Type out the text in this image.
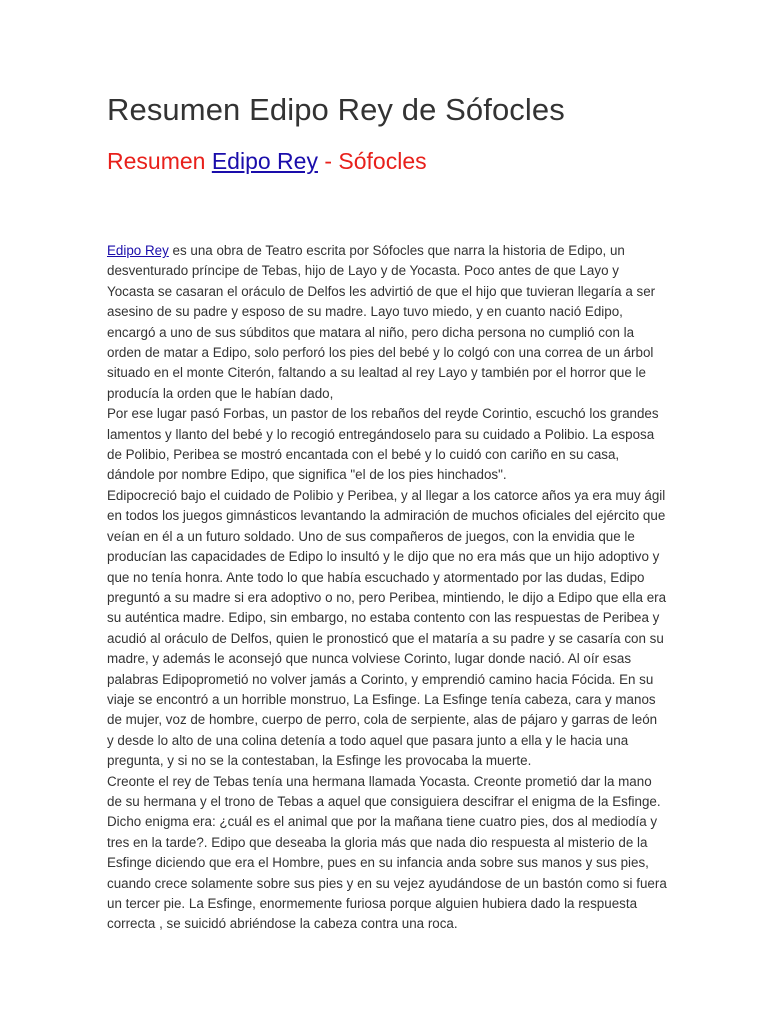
Resumen Edipo Rey de Sófocles
Resumen Edipo Rey - Sófocles

Edipo Rey es una obra de Teatro escrita por Sófocles que narra la historia de Edipo, un desventurado príncipe de Tebas, hijo de Layo y de Yocasta. Poco antes de que Layo y Yocasta se casaran el oráculo de Delfos les advirtió de que el hijo que tuvieran llegaría a ser asesino de su padre y esposo de su madre. Layo tuvo miedo, y en cuanto nació Edipo, encargó a uno de sus súbditos que matara al niño, pero dicha persona no cumplió con la orden de matar a Edipo, solo perforó los pies del bebé y lo colgó con una correa de un árbol situado en el monte Citerón, faltando a su lealtad al rey Layo y también por el horror que le producía la orden que le habían dado,

Por ese lugar pasó Forbas, un pastor de los rebaños del reyde Corintio, escuchó los grandes lamentos y llanto del bebé y lo recogió entregándoselo para su cuidado a Polibio. La esposa de Polibio, Peribea se mostró encantada con el bebé y lo cuidó con cariño en su casa, dándole por nombre Edipo, que significa "el de los pies hinchados".

Edipocreció bajo el cuidado de Polibio y Peribea, y al llegar a los catorce años ya era muy ágil en todos los juegos gimnásticos levantando la admiración de muchos oficiales del ejército que veían en él a un futuro soldado. Uno de sus compañeros de juegos, con la envidia que le producían las capacidades de Edipo lo insultó y le dijo que no era más que un hijo adoptivo y que no tenía honra. Ante todo lo que había escuchado y atormentado por las dudas, Edipo preguntó a su madre si era adoptivo o no, pero Peribea, mintiendo, le dijo a Edipo que ella era su auténtica madre. Edipo, sin embargo, no estaba contento con las respuestas de Peribea y acudió al oráculo de Delfos, quien le pronosticó que el mataría a su padre y se casaría con su madre, y además le aconsejó que nunca volviese Corinto, lugar donde nació. Al oír esas palabras Edipoprometió no volver jamás a Corinto, y emprendió camino hacia Fócida. En su viaje se encontró a un horrible monstruo, La Esfinge. La Esfinge tenía cabeza, cara y manos de mujer, voz de hombre, cuerpo de perro, cola de serpiente, alas de pájaro y garras de león y desde lo alto de una colina detenía a todo aquel que pasara junto a ella y le hacia una pregunta, y si no se la contestaban, la Esfinge les provocaba la muerte.

Creonte el rey de Tebas tenía una hermana llamada Yocasta. Creonte prometió dar la mano de su hermana y el trono de Tebas a aquel que consiguiera descifrar el enigma de la Esfinge. Dicho enigma era: ¿cuál es el animal que por la mañana tiene cuatro pies, dos al mediodía y tres en la tarde?. Edipo que deseaba la gloria más que nada dio respuesta al misterio de la Esfinge diciendo que era el Hombre, pues en su infancia anda sobre sus manos y sus pies, cuando crece solamente sobre sus pies y en su vejez ayudándose de un bastón como si fuera un tercer pie. La Esfinge, enormemente furiosa porque alguien hubiera dado la respuesta correcta , se suicidó abriéndose la cabeza contra una roca.
